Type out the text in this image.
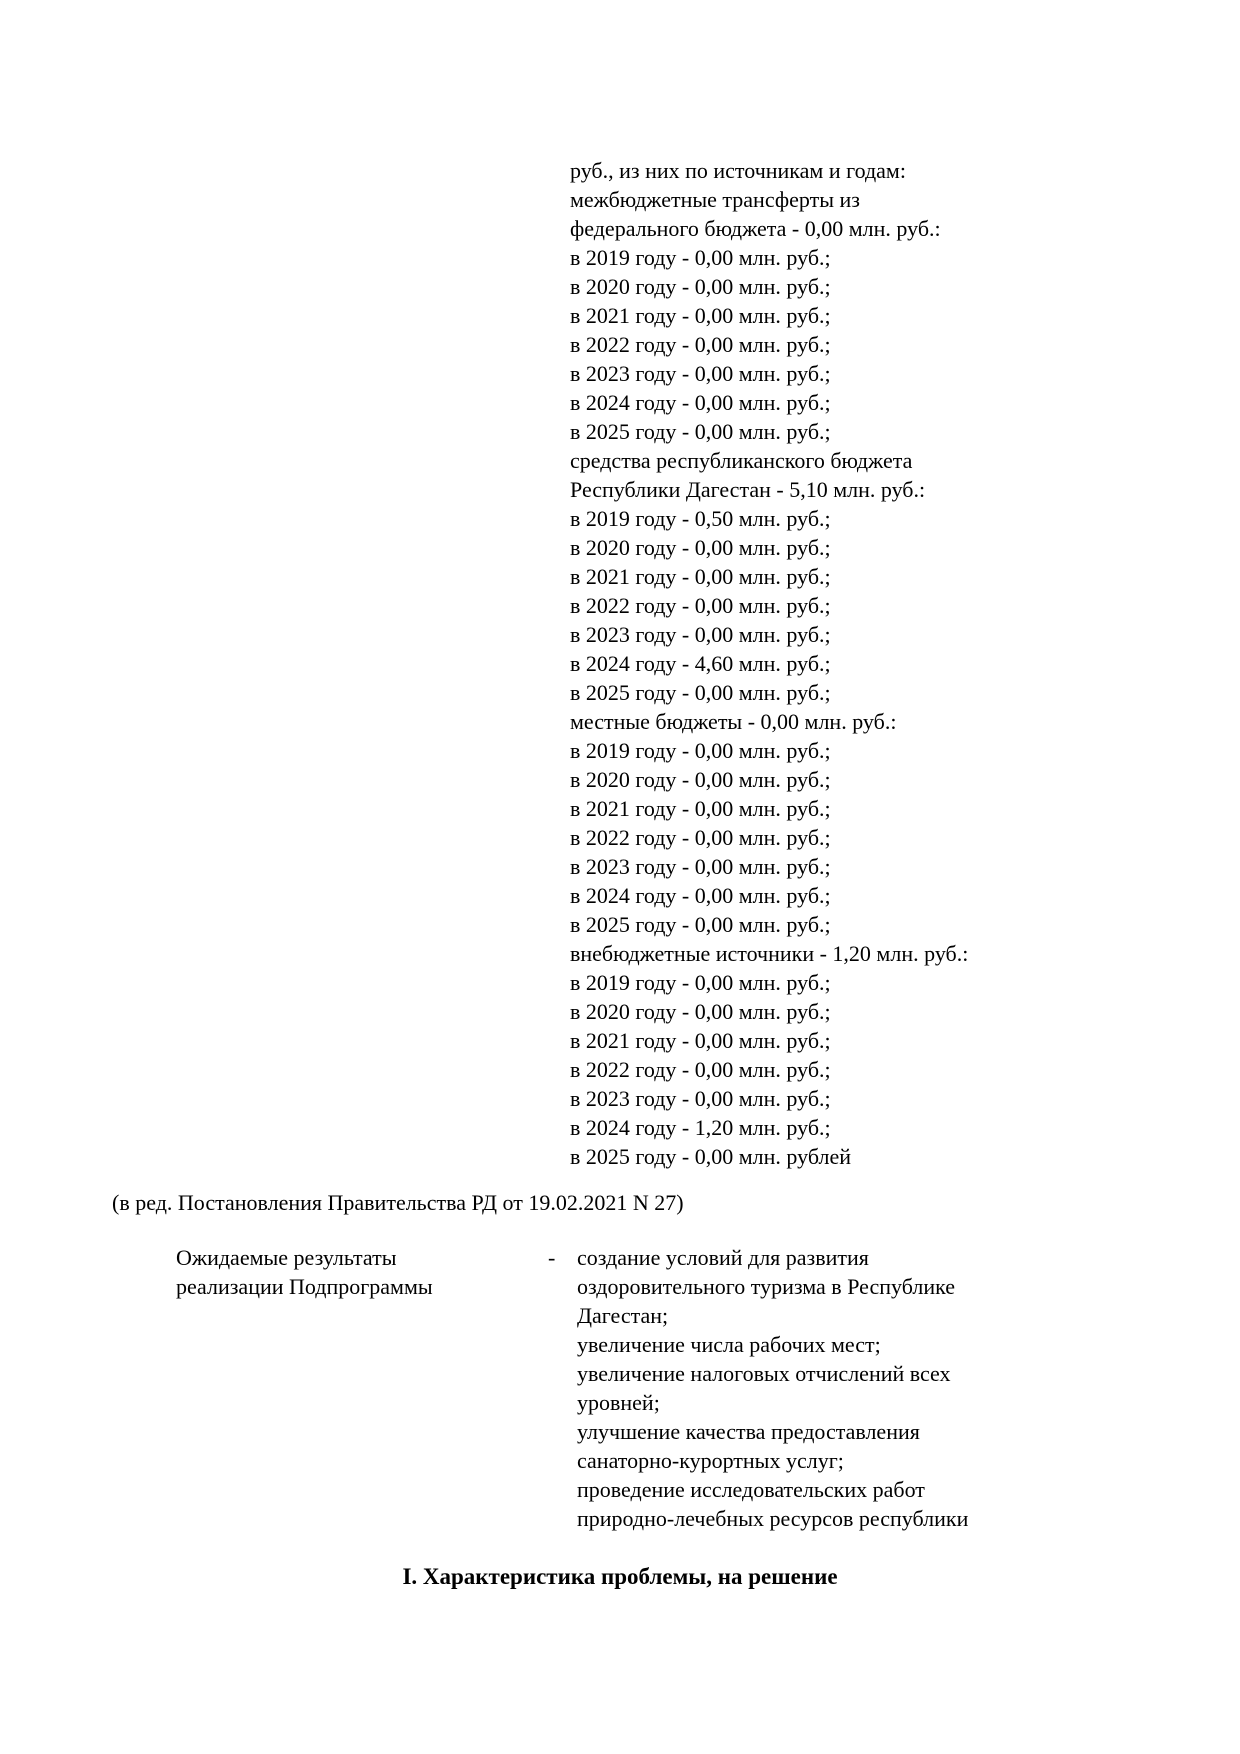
руб., из них по источникам и годам:
межбюджетные трансферты из
федерального бюджета - 0,00 млн. руб.:
в 2019 году - 0,00 млн. руб.;
в 2020 году - 0,00 млн. руб.;
в 2021 году - 0,00 млн. руб.;
в 2022 году - 0,00 млн. руб.;
в 2023 году - 0,00 млн. руб.;
в 2024 году - 0,00 млн. руб.;
в 2025 году - 0,00 млн. руб.;
средства республиканского бюджета
Республики Дагестан - 5,10 млн. руб.:
в 2019 году - 0,50 млн. руб.;
в 2020 году - 0,00 млн. руб.;
в 2021 году - 0,00 млн. руб.;
в 2022 году - 0,00 млн. руб.;
в 2023 году - 0,00 млн. руб.;
в 2024 году - 4,60 млн. руб.;
в 2025 году - 0,00 млн. руб.;
местные бюджеты - 0,00 млн. руб.:
в 2019 году - 0,00 млн. руб.;
в 2020 году - 0,00 млн. руб.;
в 2021 году - 0,00 млн. руб.;
в 2022 году - 0,00 млн. руб.;
в 2023 году - 0,00 млн. руб.;
в 2024 году - 0,00 млн. руб.;
в 2025 году - 0,00 млн. руб.;
внебюджетные источники - 1,20 млн. руб.:
в 2019 году - 0,00 млн. руб.;
в 2020 году - 0,00 млн. руб.;
в 2021 году - 0,00 млн. руб.;
в 2022 году - 0,00 млн. руб.;
в 2023 году - 0,00 млн. руб.;
в 2024 году - 1,20 млн. руб.;
в 2025 году - 0,00 млн. рублей
(в ред. Постановления Правительства РД от 19.02.2021 N 27)
Ожидаемые результаты
реализации Подпрограммы
- создание условий для развития
оздоровительного туризма в Республике
Дагестан;
увеличение числа рабочих мест;
увеличение налоговых отчислений всех
уровней;
улучшение качества предоставления
санаторно-курортных услуг;
проведение исследовательских работ
природно-лечебных ресурсов республики
I. Характеристика проблемы, на решение
